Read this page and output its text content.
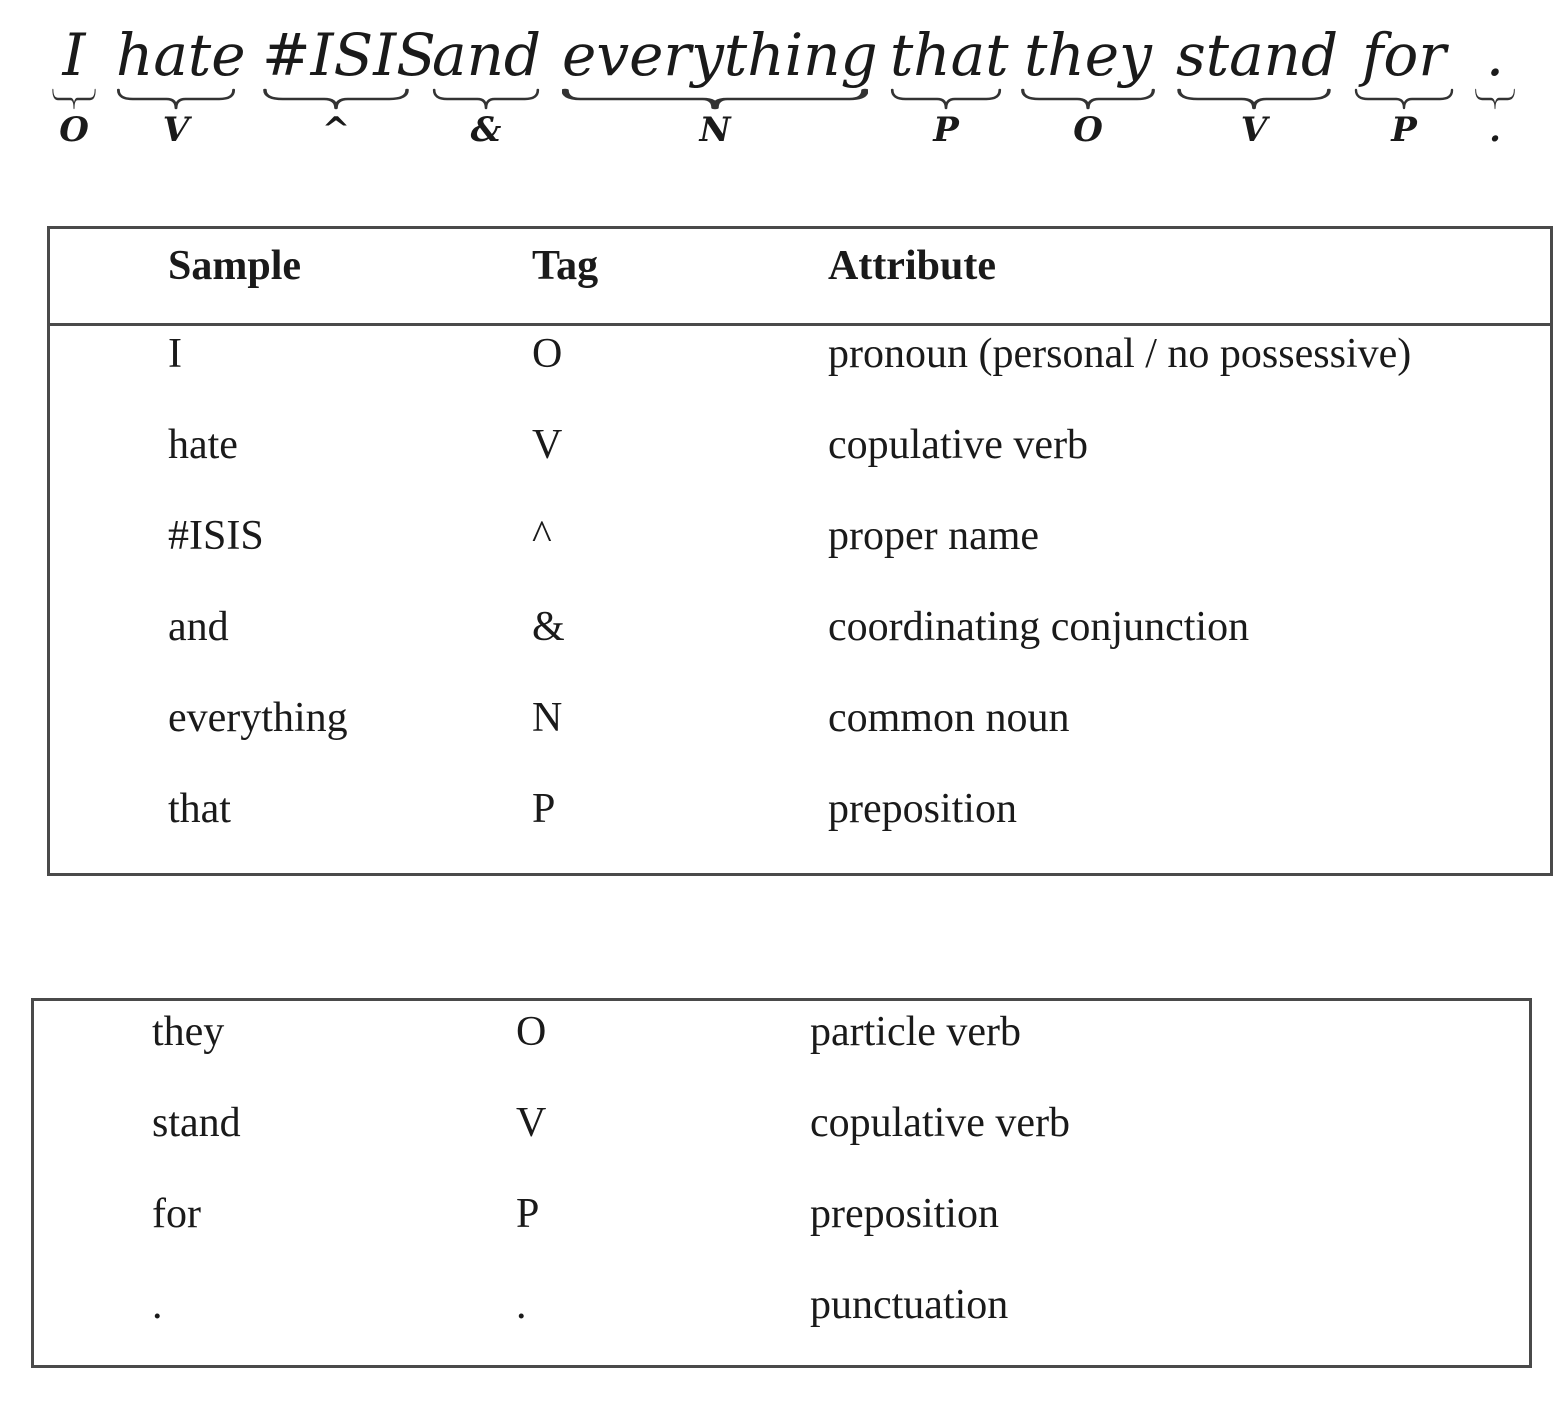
I
O
hate
V
#ISIS
^
and
&
everything
N
that
P
they
O
stand
V
for
P
.
.
Sample	Tag	Attribute
I	O	pronoun (personal / no possessive)
hate	V	copulative verb
#ISIS	^	proper name
and	&	coordinating conjunction
everything	N	common noun
that	P	preposition
they	O	particle verb
stand	V	copulative verb
for	P	preposition
.	.	punctuation
